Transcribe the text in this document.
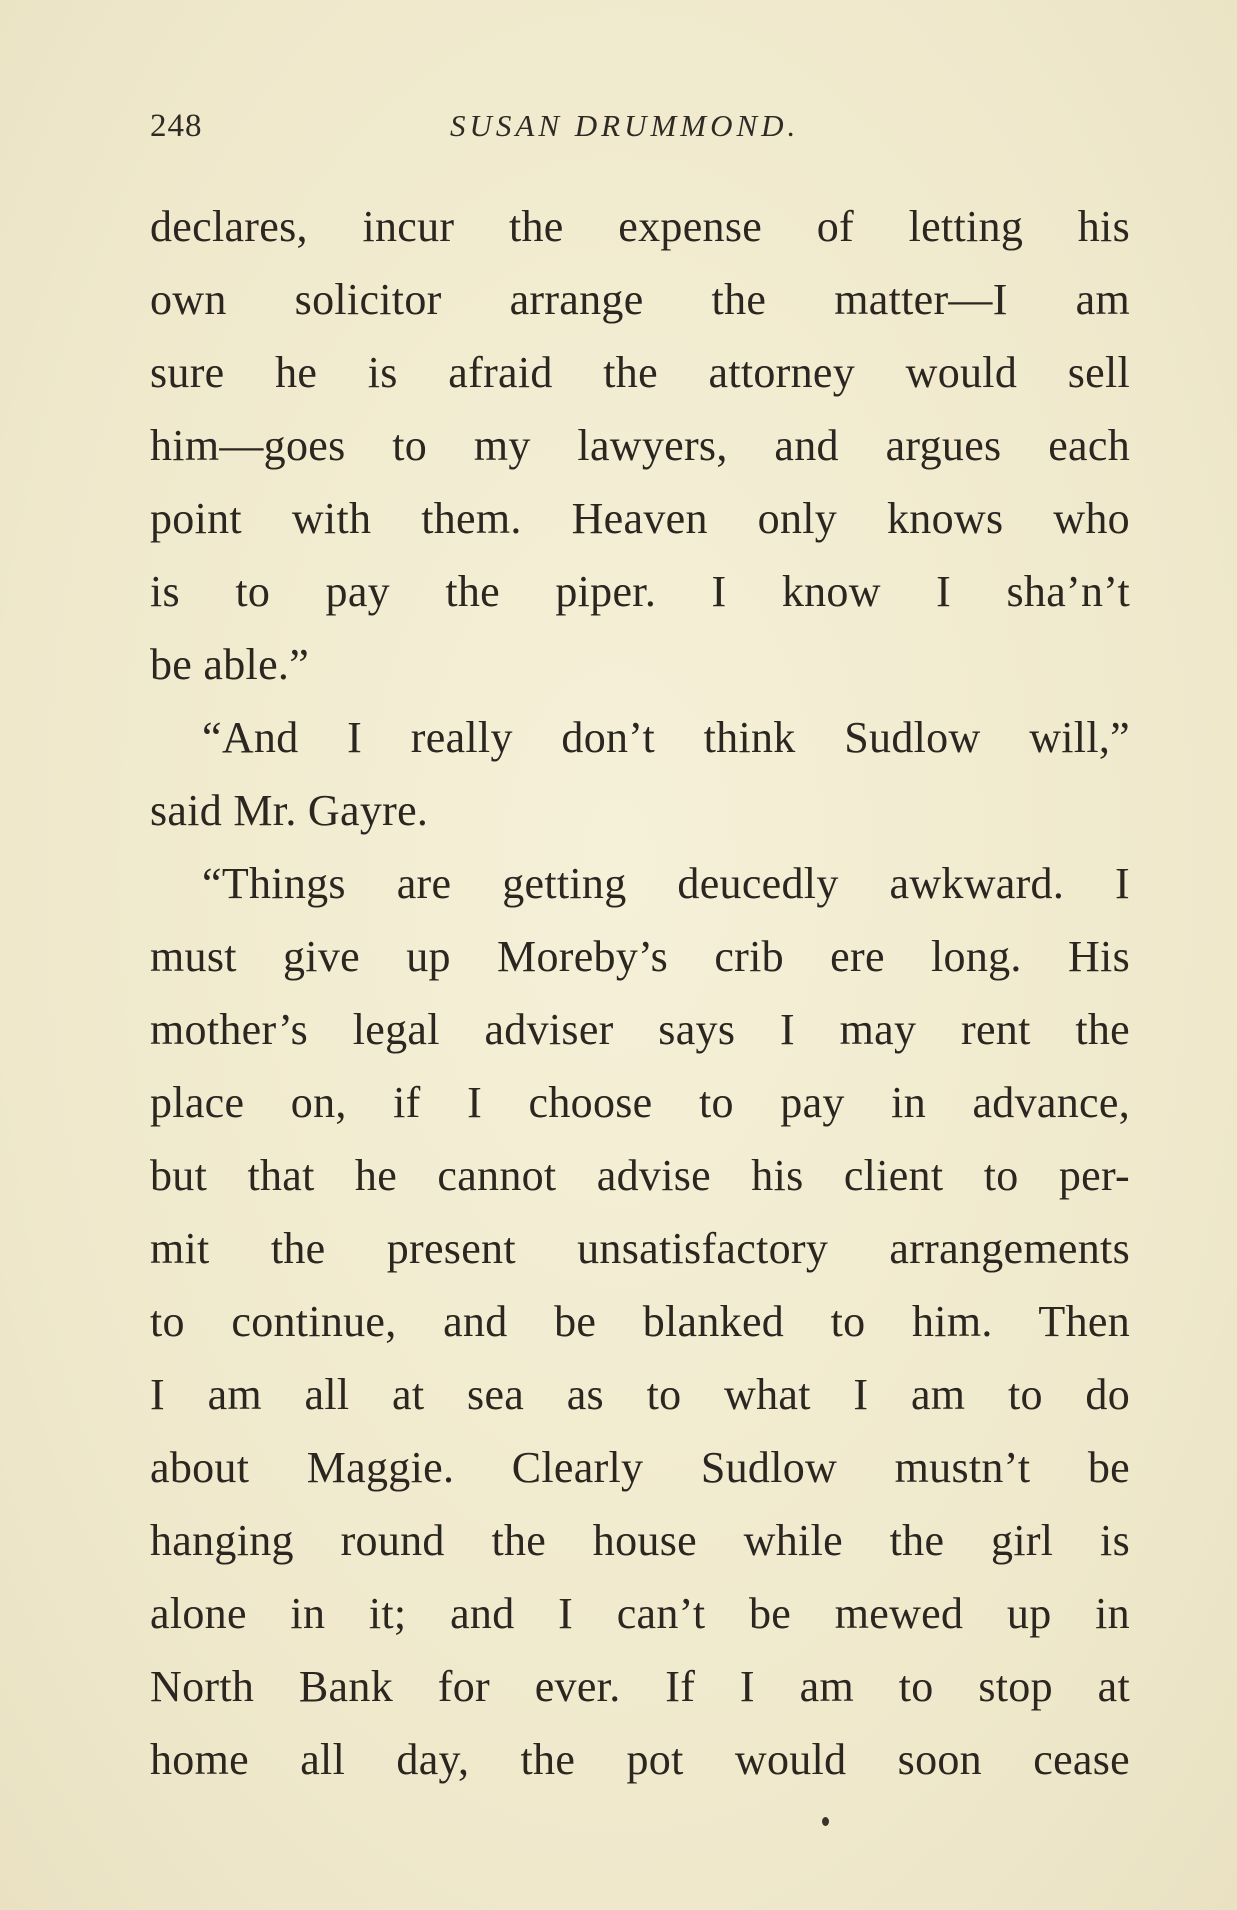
248	SUSAN DRUMMOND.
declares, incur the expense of letting his
own solicitor arrange the matter—I am
sure he is afraid the attorney would sell
him—goes to my lawyers, and argues each
point with them. Heaven only knows who
is to pay the piper. I know I sha’n’t
be able.”
“And I really don’t think Sudlow will,”
said Mr. Gayre.
“Things are getting deucedly awkward. I
must give up Moreby’s crib ere long. His
mother’s legal adviser says I may rent the
place on, if I choose to pay in advance,
but that he cannot advise his client to per-
mit the present unsatisfactory arrangements
to continue, and be blanked to him. Then
I am all at sea as to what I am to do
about Maggie. Clearly Sudlow mustn’t be
hanging round the house while the girl is
alone in it; and I can’t be mewed up in
North Bank for ever. If I am to stop at
home all day, the pot would soon cease
